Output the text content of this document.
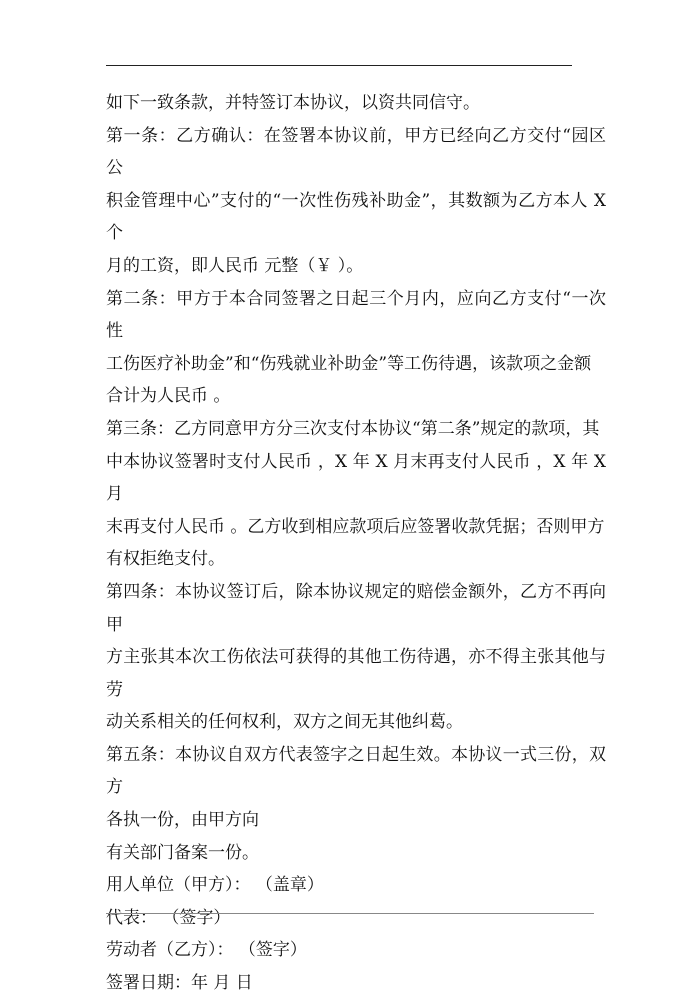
如下一致条款，并特签订本协议，以资共同信守。

第一条：乙方确认：在签署本协议前，甲方已经向乙方交付“园区公

积金管理中心”支付的“一次性伤残补助金”，其数额为乙方本人 X 个

月的工资，即人民币 元整（￥ ）。

第二条：甲方于本合同签署之日起三个月内，应向乙方支付“一次性

工伤医疗补助金”和“伤残就业补助金”等工伤待遇，该款项之金额

合计为人民币 。

第三条：乙方同意甲方分三次支付本协议“第二条”规定的款项，其

中本协议签署时支付人民币 ，X 年 X 月末再支付人民币 ，X 年 X 月

末再支付人民币 。乙方收到相应款项后应签署收款凭据；否则甲方

有权拒绝支付。

第四条：本协议签订后，除本协议规定的赔偿金额外，乙方不再向甲

方主张其本次工伤依法可获得的其他工伤待遇，亦不得主张其他与劳

动关系相关的任何权利，双方之间无其他纠葛。

第五条：本协议自双方代表签字之日起生效。本协议一式三份，双方

各执一份，由甲方向

有关部门备案一份。

用人单位（甲方）： （盖章）

代表： （签字）

劳动者（乙方）： （签字）

签署日期：年 月 日
